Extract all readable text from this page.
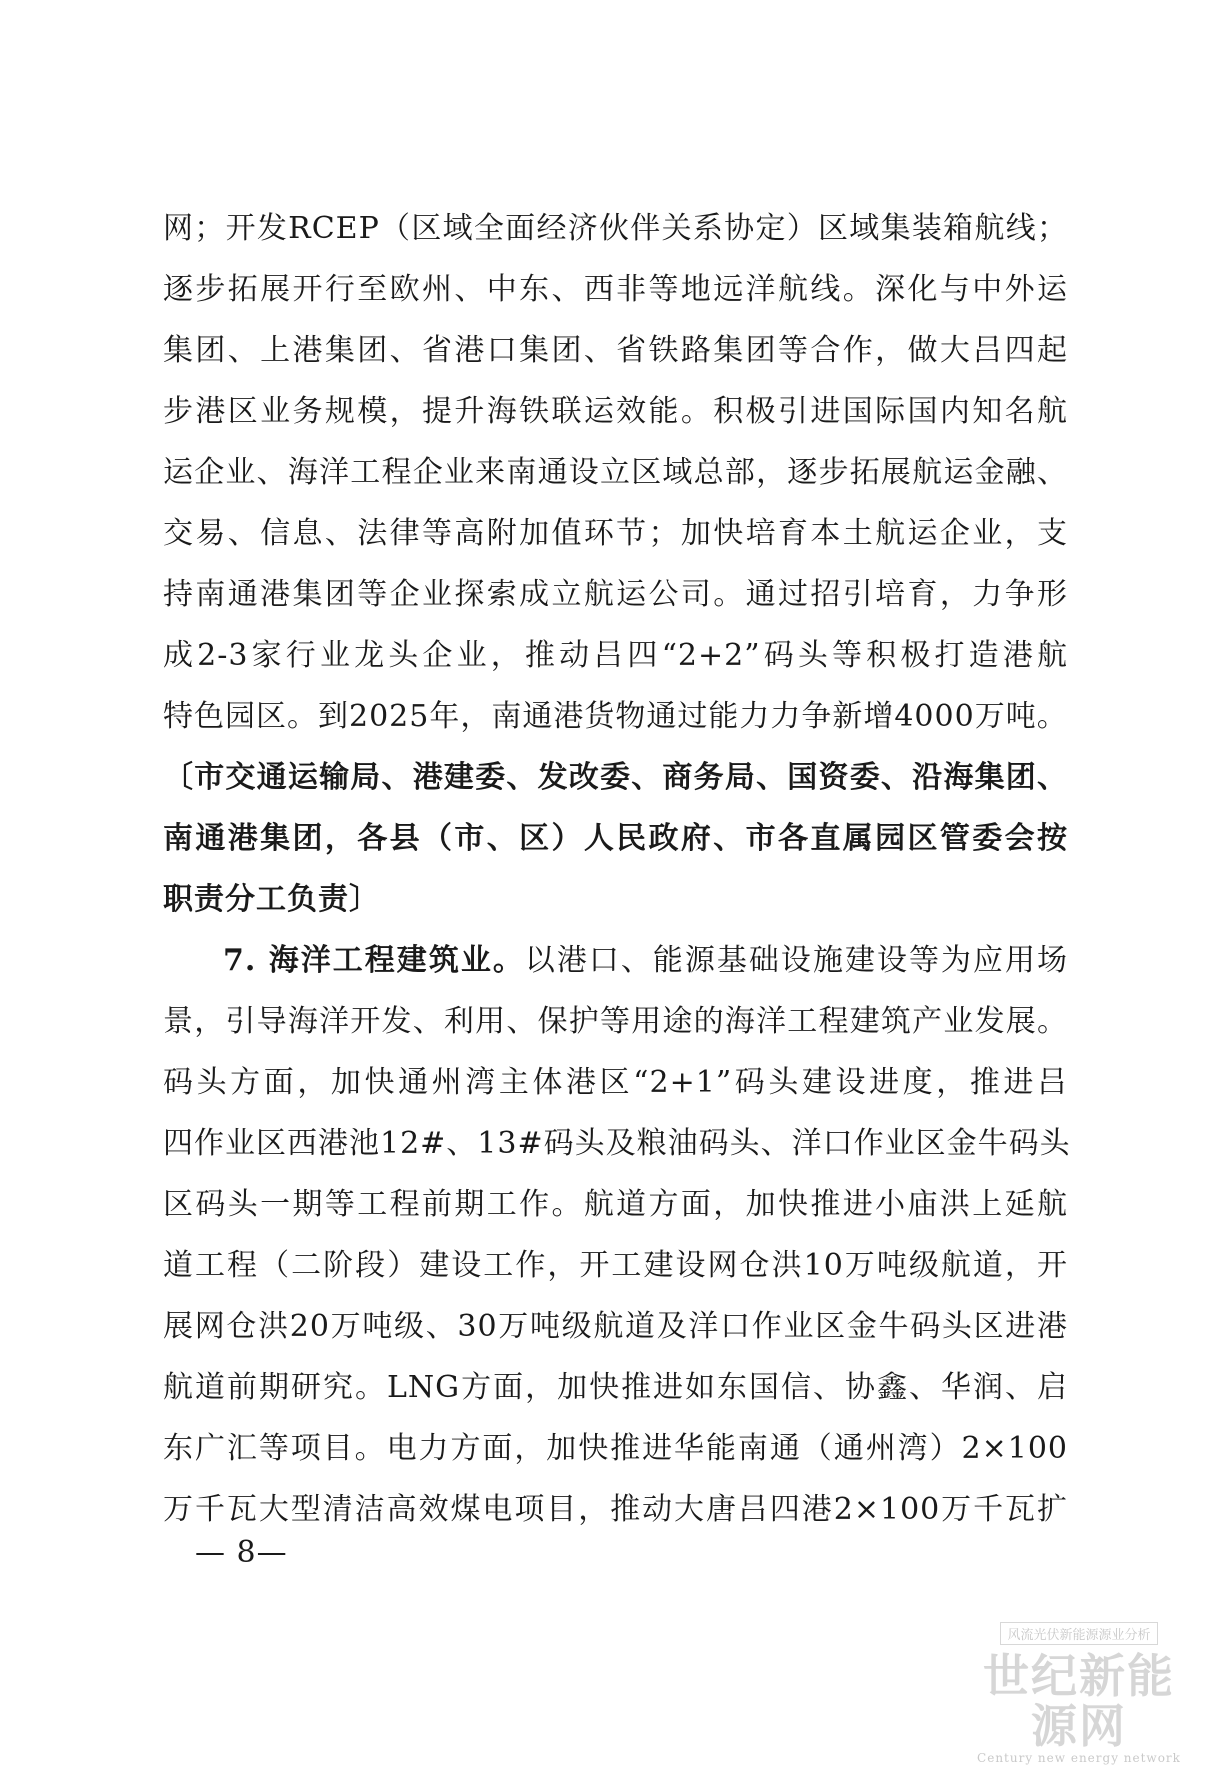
网；开发RCEP（区域全面经济伙伴关系协定）区域集装箱航线；
逐步拓展开行至欧州、中东、西非等地远洋航线。深化与中外运
集团、上港集团、省港口集团、省铁路集团等合作，做大吕四起
步港区业务规模，提升海铁联运效能。积极引进国际国内知名航
运企业、海洋工程企业来南通设立区域总部，逐步拓展航运金融、
交易、信息、法律等高附加值环节；加快培育本土航运企业，支
持南通港集团等企业探索成立航运公司。通过招引培育，力争形
成2-3家行业龙头企业，推动吕四“2+2”码头等积极打造港航
特色园区。到2025年，南通港货物通过能力力争新增4000万吨。
〔市交通运输局、港建委、发改委、商务局、国资委、沿海集团、
南通港集团，各县（市、区）人民政府、市各直属园区管委会按
职责分工负责〕
7. 海洋工程建筑业。以港口、能源基础设施建设等为应用场
景，引导海洋开发、利用、保护等用途的海洋工程建筑产业发展。
码头方面，加快通州湾主体港区“2+1”码头建设进度，推进吕
四作业区西港池12#、13#码头及粮油码头、洋口作业区金牛码头
区码头一期等工程前期工作。航道方面，加快推进小庙洪上延航
道工程（二阶段）建设工作，开工建设网仓洪10万吨级航道，开
展网仓洪20万吨级、30万吨级航道及洋口作业区金牛码头区进港
航道前期研究。LNG方面，加快推进如东国信、协鑫、华润、启
东广汇等项目。电力方面，加快推进华能南通（通州湾）2×100
万千瓦大型清洁高效煤电项目，推动大唐吕四港2×100万千瓦扩
— 8—
风流光伏新能源源业分析
世纪新能源网
Century new energy network
